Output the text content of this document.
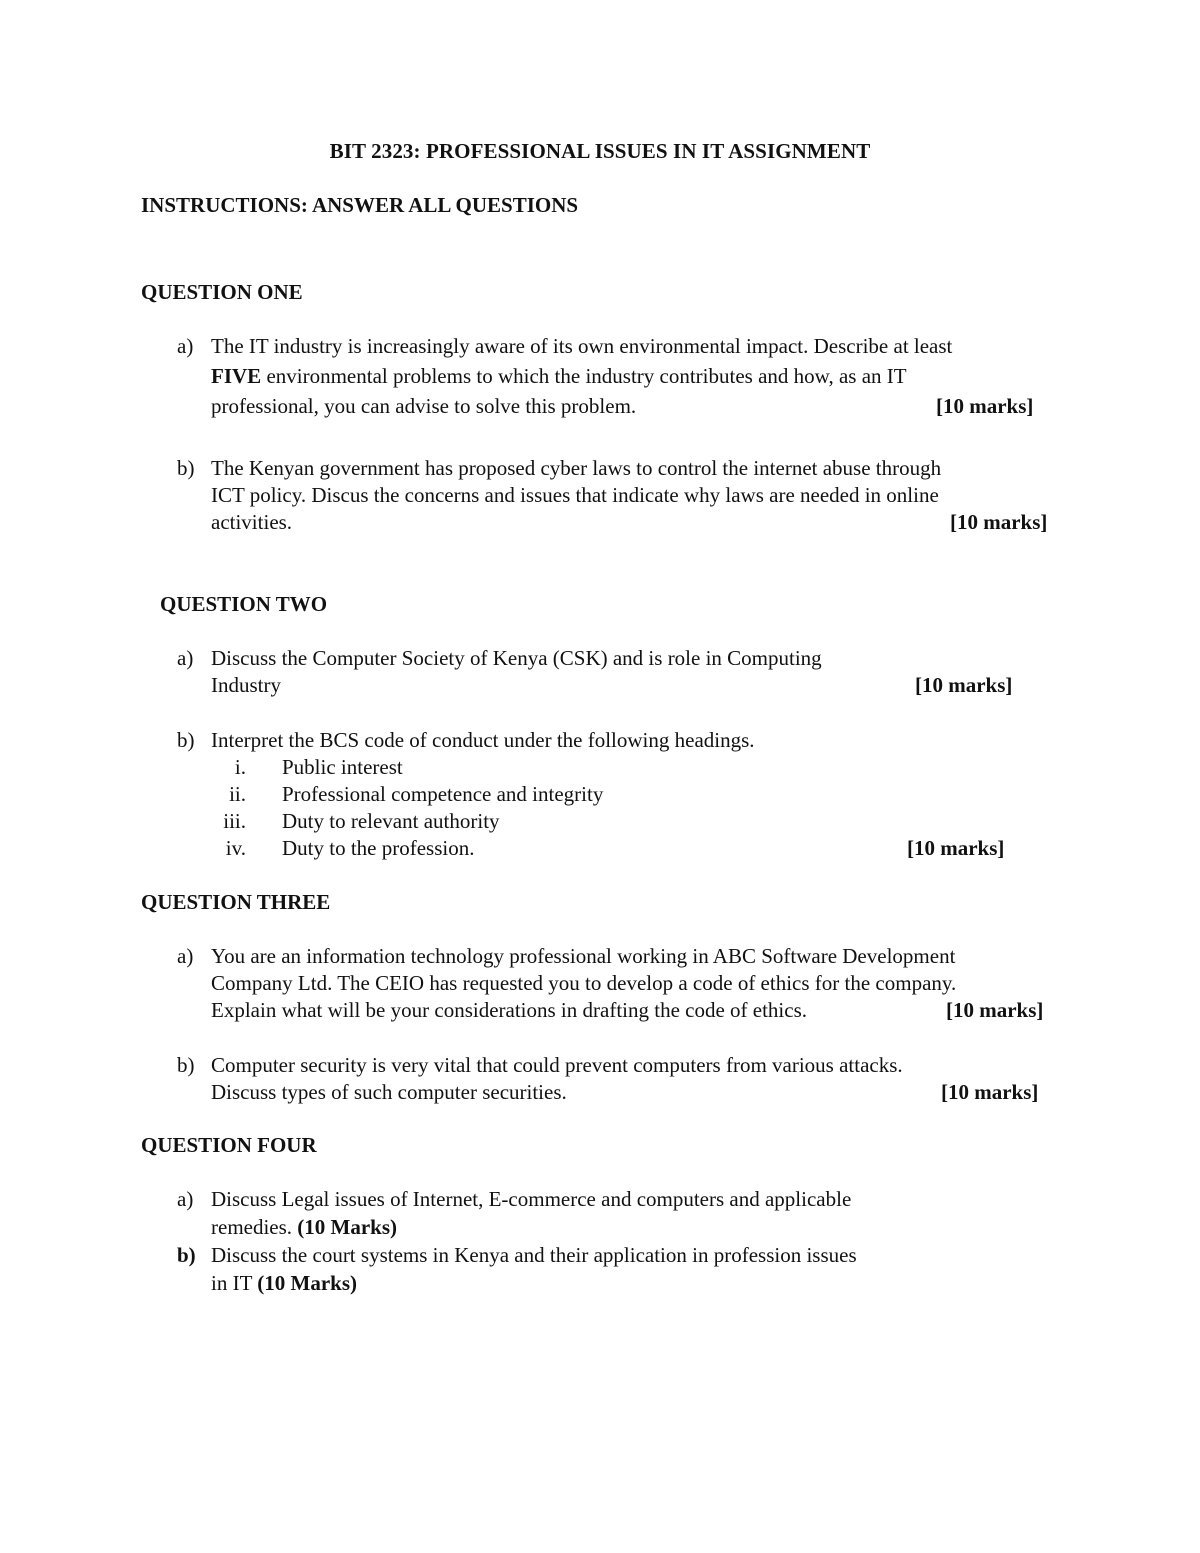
BIT 2323: PROFESSIONAL ISSUES IN IT ASSIGNMENT
INSTRUCTIONS: ANSWER ALL QUESTIONS
QUESTION ONE
a) The IT industry is increasingly aware of its own environmental impact. Describe at least
FIVE environmental problems to which the industry contributes and how, as an IT
professional, you can advise to solve this problem.	[10 marks]
b) The Kenyan government has proposed cyber laws to control the internet abuse through
ICT policy. Discus the concerns and issues that indicate why laws are needed in online
activities.	[10 marks]
QUESTION TWO
a) Discuss the Computer Society of Kenya (CSK) and is role in Computing
Industry	[10 marks]
b) Interpret the BCS code of conduct under the following headings.
i. Public interest
ii. Professional competence and integrity
iii. Duty to relevant authority
iv. Duty to the profession.	[10 marks]
QUESTION THREE
a) You are an information technology professional working in ABC Software Development
Company Ltd. The CEIO has requested you to develop a code of ethics for the company.
Explain what will be your considerations in drafting the code of ethics.	[10 marks]
b) Computer security is very vital that could prevent computers from various attacks.
Discuss types of such computer securities.	[10 marks]
QUESTION FOUR
a) Discuss Legal issues of Internet, E-commerce and computers and applicable
remedies. (10 Marks)
b) Discuss the court systems in Kenya and their application in profession issues
in IT (10 Marks)
